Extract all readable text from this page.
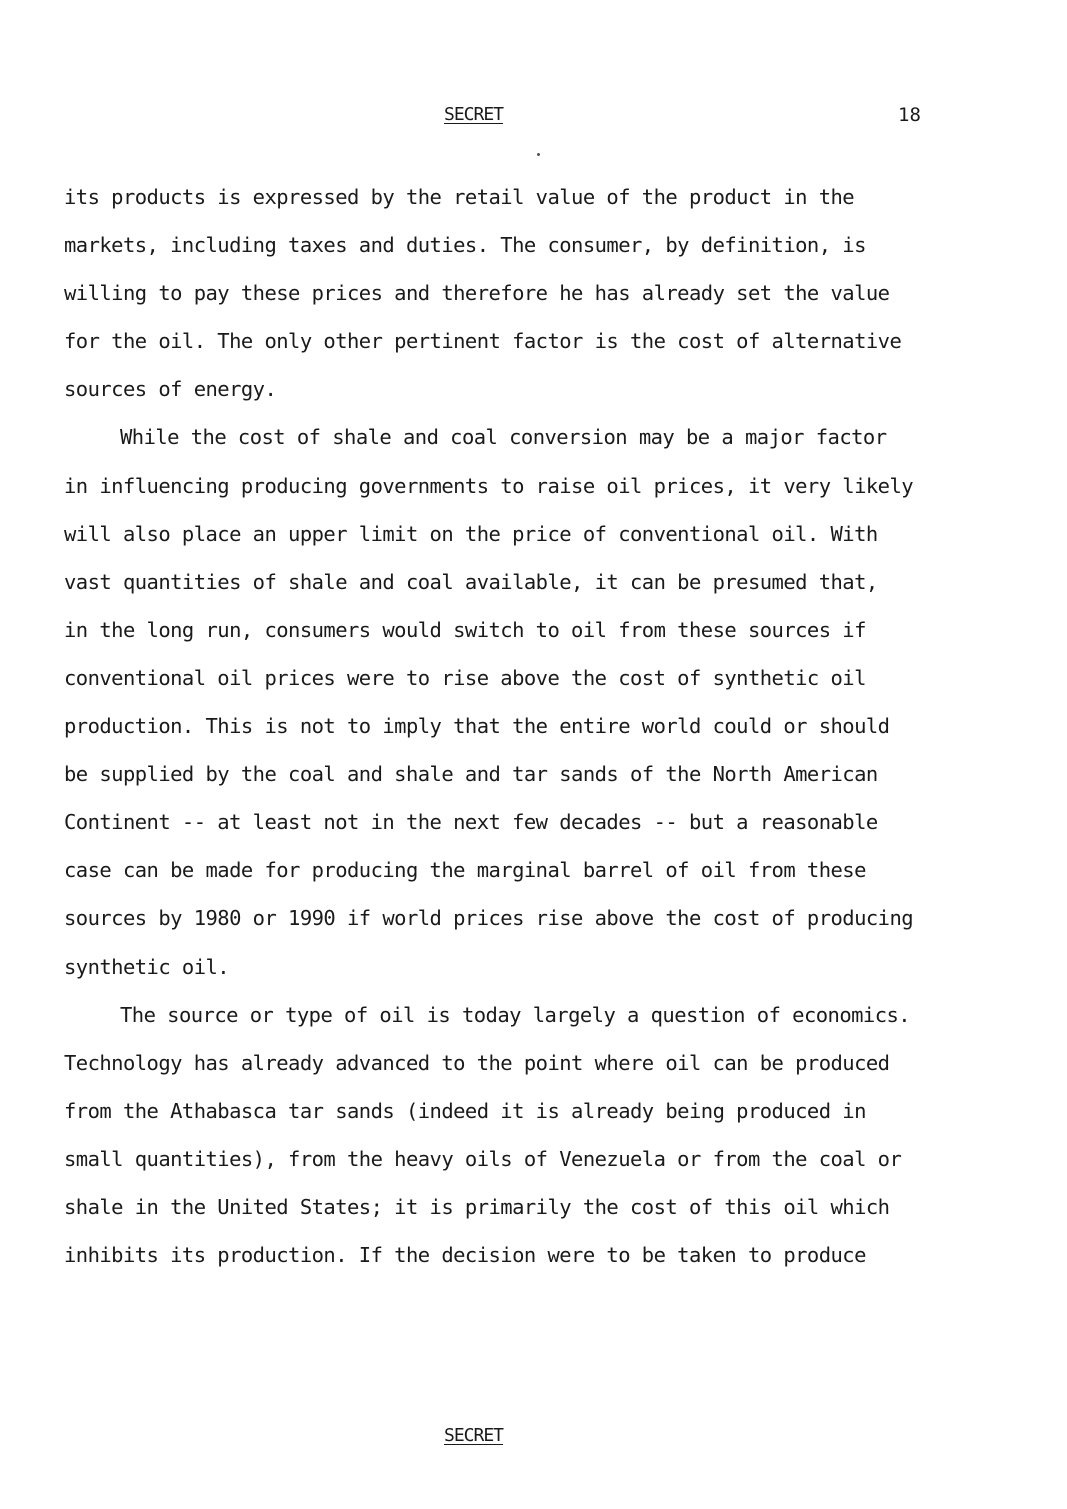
SECRET	18
its products is expressed by the retail value of the product in the
markets, including taxes and duties. The consumer, by definition, is
willing to pay these prices and therefore he has already set the value
for the oil. The only other pertinent factor is the cost of alternative
sources of energy.
While the cost of shale and coal conversion may be a major factor
in influencing producing governments to raise oil prices, it very likely
will also place an upper limit on the price of conventional oil. With
vast quantities of shale and coal available, it can be presumed that,
in the long run, consumers would switch to oil from these sources if
conventional oil prices were to rise above the cost of synthetic oil
production. This is not to imply that the entire world could or should
be supplied by the coal and shale and tar sands of the North American
Continent -- at least not in the next few decades -- but a reasonable
case can be made for producing the marginal barrel of oil from these
sources by 1980 or 1990 if world prices rise above the cost of producing
synthetic oil.
The source or type of oil is today largely a question of economics.
Technology has already advanced to the point where oil can be produced
from the Athabasca tar sands (indeed it is already being produced in
small quantities), from the heavy oils of Venezuela or from the coal or
shale in the United States; it is primarily the cost of this oil which
inhibits its production. If the decision were to be taken to produce
SECRET
